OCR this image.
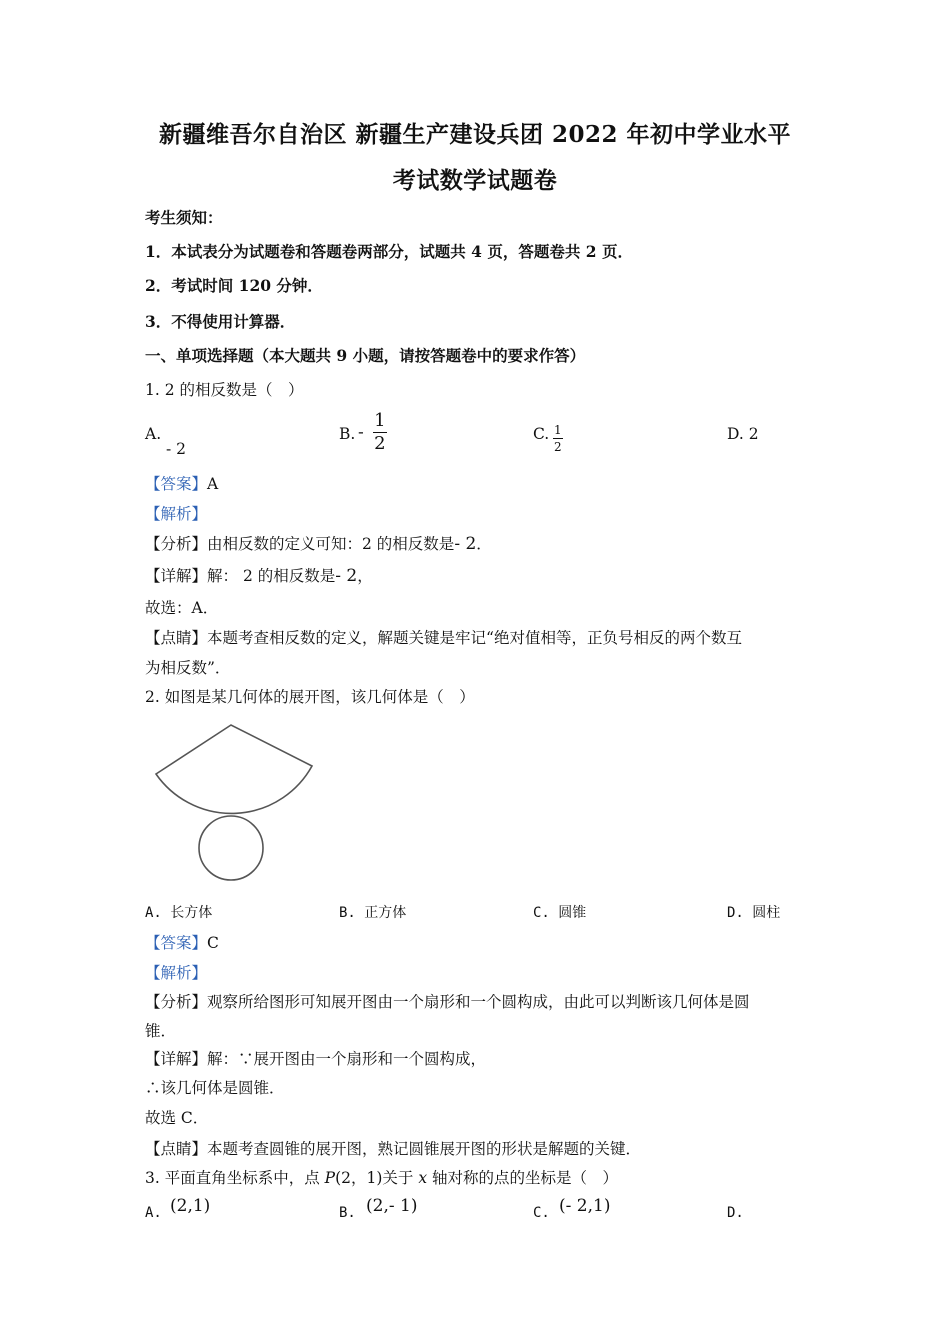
新疆维吾尔自治区 新疆生产建设兵团 2022 年初中学业水平
考试数学试题卷
考生须知：
1．本试表分为试题卷和答题卷两部分，试题共 4 页，答题卷共 2 页．
2．考试时间 120 分钟．
3．不得使用计算器．
一、单项选择题（本大题共 9 小题，请按答题卷中的要求作答）
1. 2 的相反数是（　）
A.
- 2
B. - $\frac{1}{2}$	C. $\frac{1}{2}$	D. 2
【答案】A
【解析】
【分析】由相反数的定义可知：2 的相反数是- 2．
【详解】解： 2 的相反数是- 2，
故选：A．
【点睛】本题考查相反数的定义，解题关键是牢记“绝对值相等，正负号相反的两个数互
为相反数”．
2. 如图是某几何体的展开图，该几何体是（　）
A. 长方体	B. 正方体	C. 圆锥	D. 圆柱
【答案】C
【解析】
【分析】观察所给图形可知展开图由一个扇形和一个圆构成，由此可以判断该几何体是圆
锥．
【详解】解：∵展开图由一个扇形和一个圆构成，
∴该几何体是圆锥．
故选 C．
【点睛】本题考查圆锥的展开图，熟记圆锥展开图的形状是解题的关键．
3. 平面直角坐标系中，点 P(2，1)关于 x 轴对称的点的坐标是（　）
A. (2,1)	B. (2,- 1)	C. (- 2,1)	D.
